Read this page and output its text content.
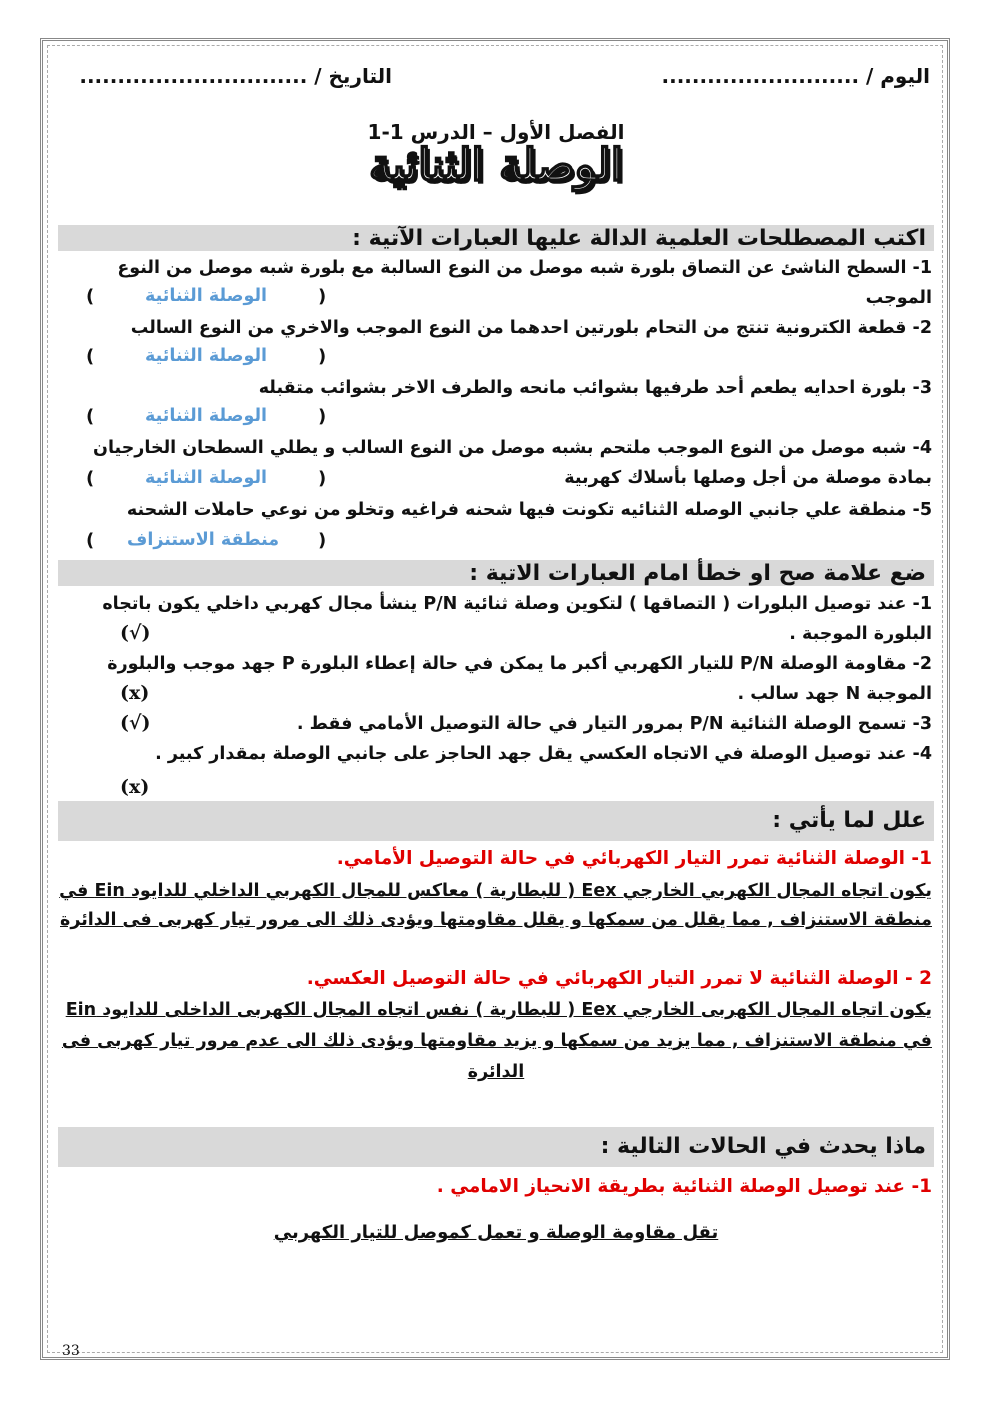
اليوم / ..........................
التاريخ / ..............................
الفصل الأول – الدرس 1-1
الوصلة الثنائية
اكتب المصطلحات العلمية الدالة عليها العبارات الآتية :
1- السطح الناشئ عن التصاق بلورة شبه موصل من النوع السالبة مع بلورة شبه موصل من النوع
الموجب
(
الوصلة الثنائية
)
2- قطعة الكترونية تنتج من التحام بلورتين احدهما من النوع الموجب والاخري من النوع السالب
(
الوصلة الثنائية
)
3- بلورة احدايه يطعم أحد طرفيها بشوائب مانحه والطرف الاخر بشوائب متقبله
(
الوصلة الثنائية
)
4- شبه موصل من النوع الموجب ملتحم بشبه موصل من النوع السالب و يطلي السطحان الخارجيان
بمادة موصلة من أجل وصلها بأسلاك كهربية
(
الوصلة الثنائية
)
5- منطقة علي جانبي الوصله الثنائيه تكونت فيها شحنه فراغيه وتخلو من نوعي حاملات الشحنه
(
منطقة الاستنزاف
)
ضع علامة صح او خطأ امام العبارات الاتية :
1- عند توصيل البلورات ( التصاقها ) لتكوين وصلة ثنائية P/N ينشأ مجال كهربي داخلي يكون باتجاه
البلورة الموجبة .
(√)
2- مقاومة الوصلة P/N للتيار الكهربي أكبر ما يمكن في حالة إعطاء البلورة P جهد موجب والبلورة
الموجبة N جهد سالب .
(x)
3- تسمح الوصلة الثنائية P/N بمرور التيار في حالة التوصيل الأمامي فقط .
(√)
4- عند توصيل الوصلة في الاتجاه العكسي يقل جهد الحاجز على جانبي الوصلة بمقدار كبير .
(x)
علل لما يأتي :
1- الوصلة الثنائية تمرر التيار الكهربائي في حالة التوصيل الأمامي.
يكون اتجاه المجال الكهربي الخارجي Eex ( للبطارية ) معاكس للمجال الكهربي الداخلي للدايود Ein في
منطقة الاستنزاف , مما يقلل من سمكها و يقلل مقاومتها ويؤدى ذلك الى مرور تيار كهربى فى الدائرة
2 - الوصلة الثنائية لا تمرر التيار الكهربائي في حالة التوصيل العكسي.
يكون اتجاه المجال الكهربى الخارجي Eex ( للبطارية ) نفس اتجاه المجال الكهربى الداخلى للدايود Ein
في منطقة الاستنزاف , مما يزيد من سمكها و يزيد مقاومتها ويؤدى ذلك الى عدم مرور تيار كهربى فى
الدائرة
ماذا يحدث في الحالات التالية :
1- عند توصيل الوصلة الثنائية بطريقة الانحياز الامامي .
تقل مقاومة الوصلة و تعمل كموصل للتيار الكهربي
33
